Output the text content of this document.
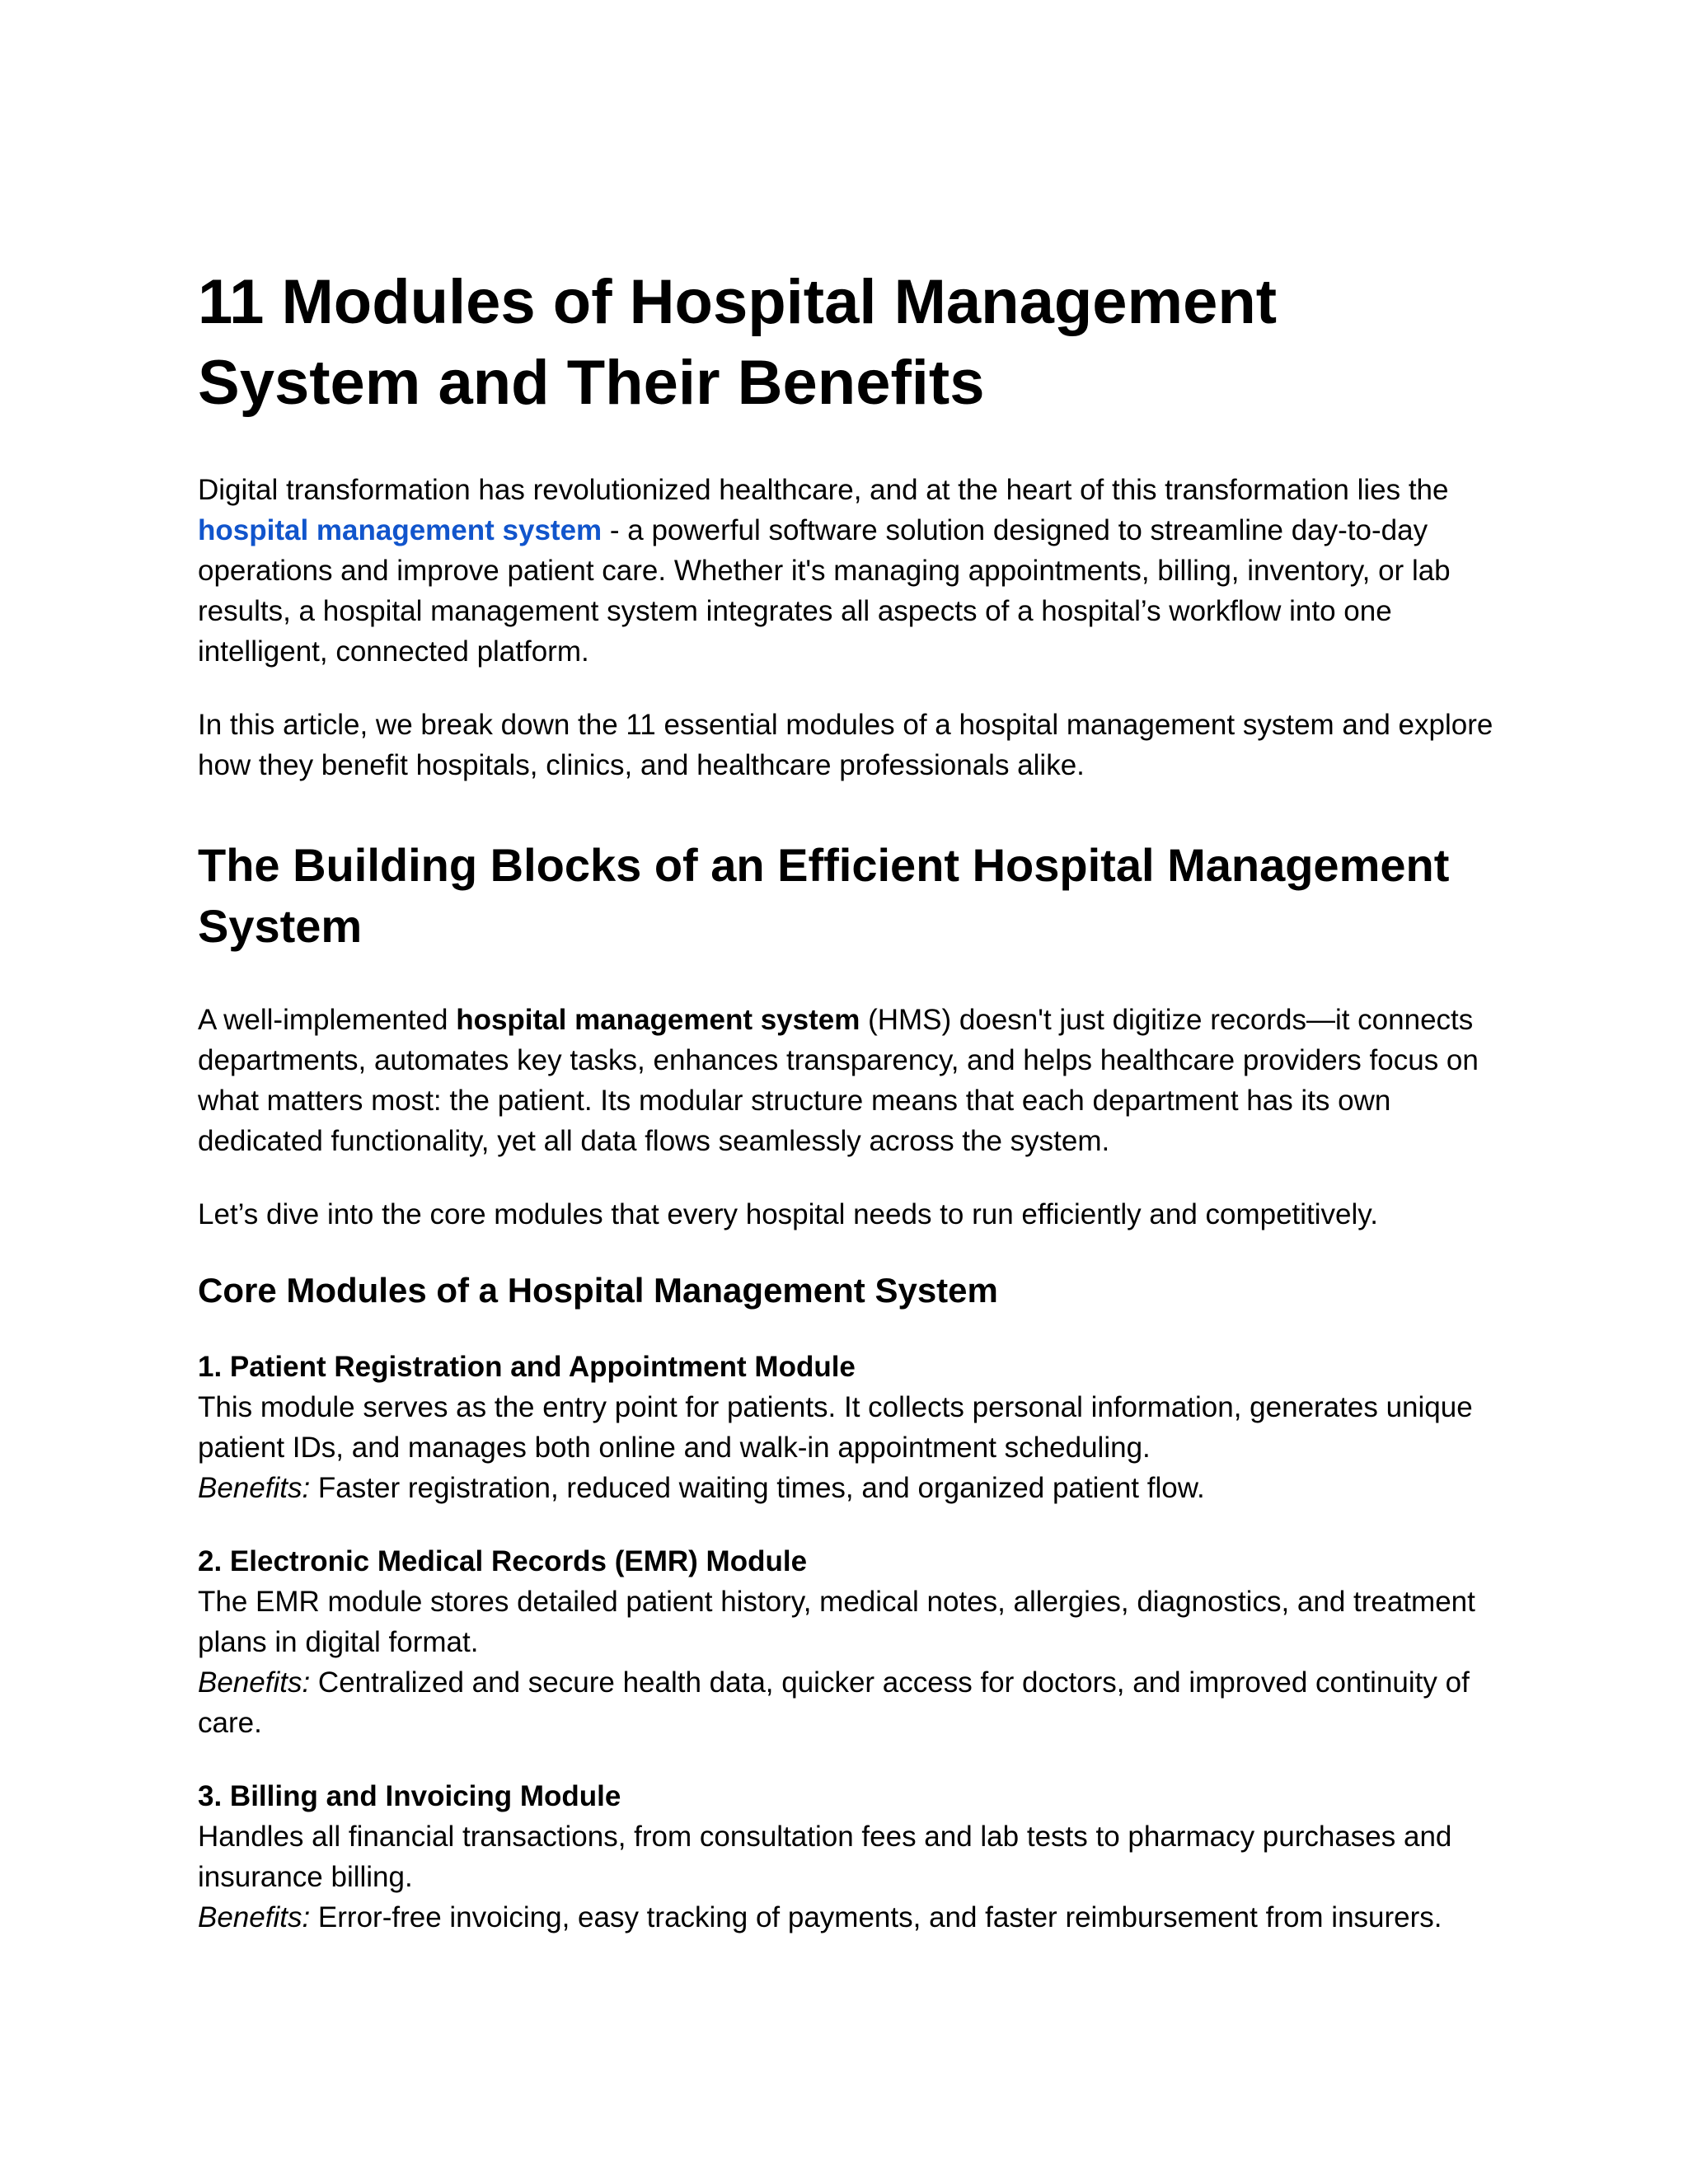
11 Modules of Hospital Management System and Their Benefits

Digital transformation has revolutionized healthcare, and at the heart of this transformation lies the hospital management system - a powerful software solution designed to streamline day-to-day operations and improve patient care. Whether it's managing appointments, billing, inventory, or lab results, a hospital management system integrates all aspects of a hospital’s workflow into one intelligent, connected platform.

In this article, we break down the 11 essential modules of a hospital management system and explore how they benefit hospitals, clinics, and healthcare professionals alike.

The Building Blocks of an Efficient Hospital Management System

A well-implemented hospital management system (HMS) doesn't just digitize records—it connects departments, automates key tasks, enhances transparency, and helps healthcare providers focus on what matters most: the patient. Its modular structure means that each department has its own dedicated functionality, yet all data flows seamlessly across the system.

Let’s dive into the core modules that every hospital needs to run efficiently and competitively.

Core Modules of a Hospital Management System
1. Patient Registration and Appointment Module
This module serves as the entry point for patients. It collects personal information, generates unique patient IDs, and manages both online and walk-in appointment scheduling.
Benefits: Faster registration, reduced waiting times, and organized patient flow.
2. Electronic Medical Records (EMR) Module
The EMR module stores detailed patient history, medical notes, allergies, diagnostics, and treatment plans in digital format.
Benefits: Centralized and secure health data, quicker access for doctors, and improved continuity of care.
3. Billing and Invoicing Module
Handles all financial transactions, from consultation fees and lab tests to pharmacy purchases and insurance billing.
Benefits: Error-free invoicing, easy tracking of payments, and faster reimbursement from insurers.
